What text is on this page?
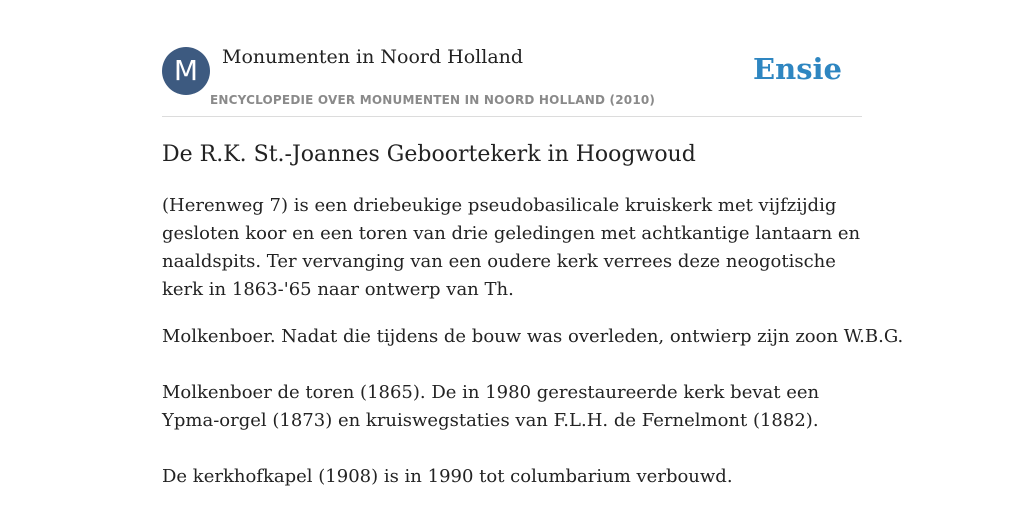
M	Monumenten in Noord Holland
ENCYCLOPEDIE OVER MONUMENTEN IN NOORD HOLLAND (2010)
Ensie
De R.K. St.-Joannes Geboortekerk in Hoogwoud

(Herenweg 7) is een driebeukige pseudobasilicale kruiskerk met vijfzijdig gesloten koor en een toren van drie geledingen met achtkantige lantaarn en naaldspits. Ter vervanging van een oudere kerk verrees deze neogotische kerk in 1863-'65 naar ontwerp van Th.

Molkenboer. Nadat die tijdens de bouw was overleden, ontwierp zijn zoon W.B.G.

Molkenboer de toren (1865). De in 1980 gerestaureerde kerk bevat een Ypma-orgel (1873) en kruiswegstaties van F.L.H. de Fernelmont (1882).

De kerkhofkapel (1908) is in 1990 tot columbarium verbouwd.
